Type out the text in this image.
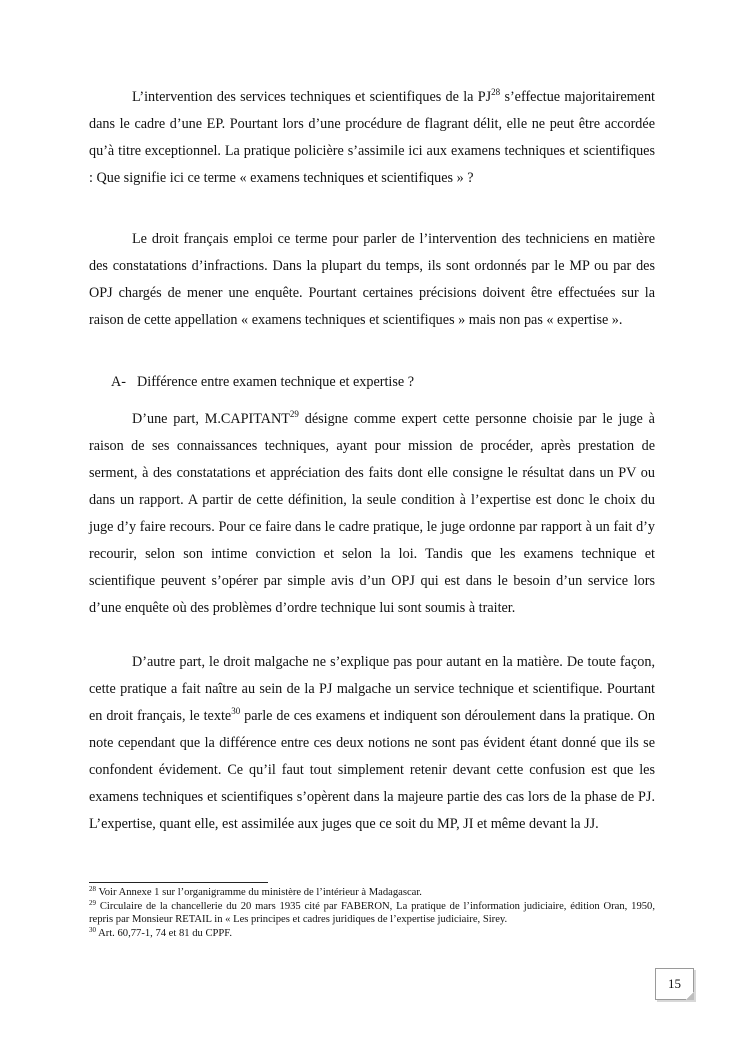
L’intervention des services techniques et scientifiques de la PJ$^{28}$ s’effectue majoritairement dans le cadre d’une EP. Pourtant lors d’une procédure de flagrant délit, elle ne peut être accordée qu’à titre exceptionnel. La pratique policière s’assimile ici aux examens techniques et scientifiques : Que signifie ici ce terme « examens techniques et scientifiques » ?

Le droit français emploi ce terme pour parler de l’intervention des techniciens en matière des constatations d’infractions. Dans la plupart du temps, ils sont ordonnés par le MP ou par des OPJ chargés de mener une enquête. Pourtant certaines précisions doivent être effectuées sur la raison de cette appellation « examens techniques et scientifiques » mais non pas « expertise ».

A- Différence entre examen technique et expertise ?

D’une part, M.CAPITANT$^{29}$ désigne comme expert cette personne choisie par le juge à raison de ses connaissances techniques, ayant pour mission de procéder, après prestation de serment, à des constatations et appréciation des faits dont elle consigne le résultat dans un PV ou dans un rapport. A partir de cette définition, la seule condition à l’expertise est donc le choix du juge d’y faire recours. Pour ce faire dans le cadre pratique, le juge ordonne par rapport à un fait d’y recourir, selon son intime conviction et selon la loi. Tandis que les examens technique et scientifique peuvent s’opérer par simple avis d’un OPJ qui est dans le besoin d’un service lors d’une enquête où des problèmes d’ordre technique lui sont soumis à traiter.

D’autre part, le droit malgache ne s’explique pas pour autant en la matière. De toute façon, cette pratique a fait naître au sein de la PJ malgache un service technique et scientifique. Pourtant en droit français, le texte$^{30}$ parle de ces examens et indiquent son déroulement dans la pratique. On note cependant que la différence entre ces deux notions ne sont pas évident étant donné que ils se confondent évidement. Ce qu’il faut tout simplement retenir devant cette confusion est que les examens techniques et scientifiques s’opèrent dans la majeure partie des cas lors de la phase de PJ. L’expertise, quant elle, est assimilée aux juges que ce soit du MP, JI et même devant la JJ.

$^{28}$ Voir Annexe 1 sur l’organigramme du ministère de l’intérieur à Madagascar.

$^{29}$ Circulaire de la chancellerie du 20 mars 1935 cité par FABERON, La pratique de l’information judiciaire, édition Oran, 1950, repris par Monsieur RETAIL in « Les principes et cadres juridiques de l’expertise judiciaire, Sirey.

$^{30}$ Art. 60,77-1, 74 et 81 du CPPF.

15
